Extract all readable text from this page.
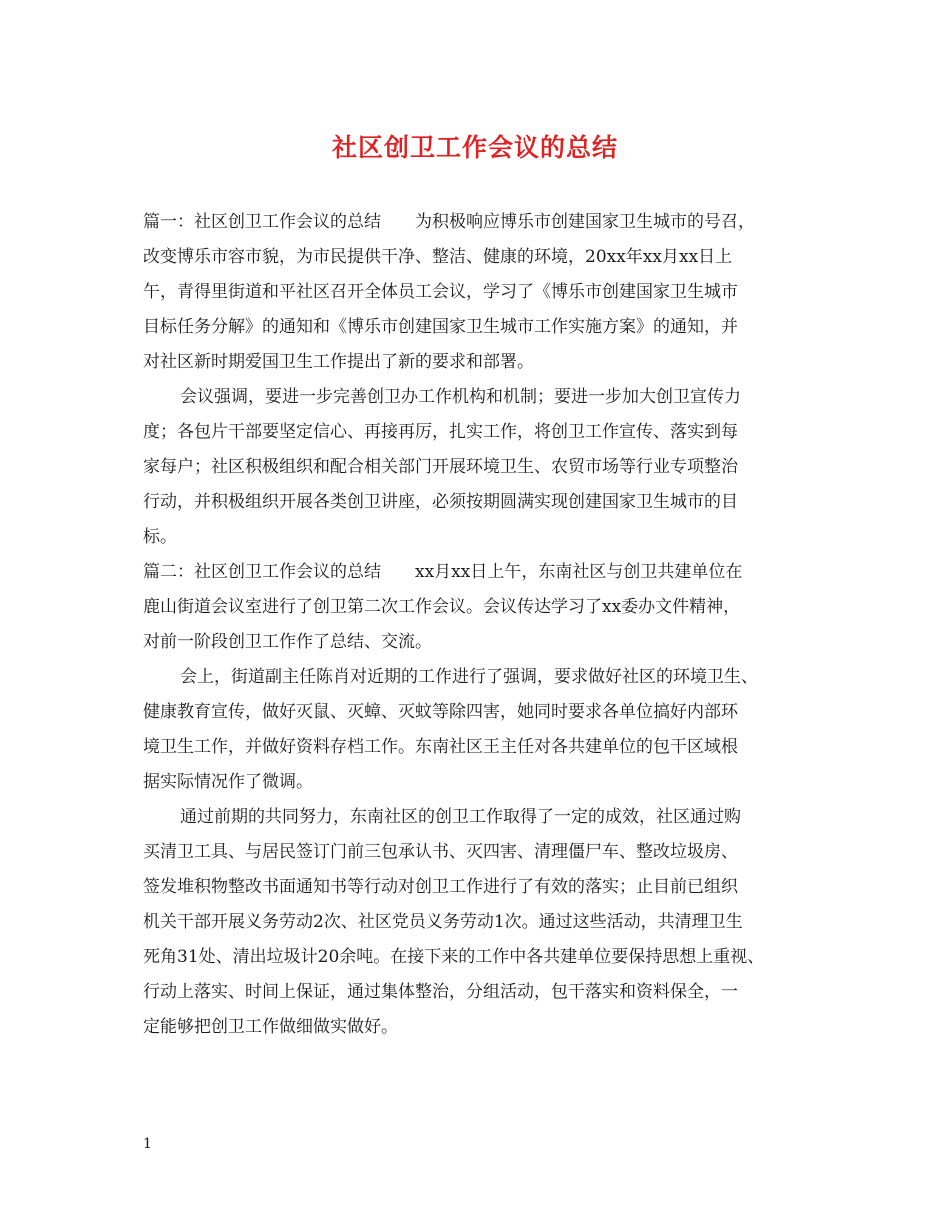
社区创卫工作会议的总结
篇一：社区创卫工作会议的总结　　为积极响应博乐市创建国家卫生城市的号召，
改变博乐市容市貌，为市民提供干净、整洁、健康的环境，20xx年xx月xx日上
午，青得里街道和平社区召开全体员工会议，学习了《博乐市创建国家卫生城市
目标任务分解》的通知和《博乐市创建国家卫生城市工作实施方案》的通知，并
对社区新时期爱国卫生工作提出了新的要求和部署。
会议强调，要进一步完善创卫办工作机构和机制；要进一步加大创卫宣传力
度；各包片干部要坚定信心、再接再厉，扎实工作，将创卫工作宣传、落实到每
家每户；社区积极组织和配合相关部门开展环境卫生、农贸市场等行业专项整治
行动，并积极组织开展各类创卫讲座，必须按期圆满实现创建国家卫生城市的目
标。
篇二：社区创卫工作会议的总结　　xx月xx日上午，东南社区与创卫共建单位在
鹿山街道会议室进行了创卫第二次工作会议。会议传达学习了xx委办文件精神，
对前一阶段创卫工作作了总结、交流。
会上，街道副主任陈肖对近期的工作进行了强调，要求做好社区的环境卫生、
健康教育宣传，做好灭鼠、灭蟑、灭蚊等除四害，她同时要求各单位搞好内部环
境卫生工作，并做好资料存档工作。东南社区王主任对各共建单位的包干区域根
据实际情况作了微调。
通过前期的共同努力，东南社区的创卫工作取得了一定的成效，社区通过购
买清卫工具、与居民签订门前三包承认书、灭四害、清理僵尸车、整改垃圾房、
签发堆积物整改书面通知书等行动对创卫工作进行了有效的落实；止目前已组织
机关干部开展义务劳动2次、社区党员义务劳动1次。通过这些活动，共清理卫生
死角31处、清出垃圾计20余吨。在接下来的工作中各共建单位要保持思想上重视、
行动上落实、时间上保证，通过集体整治，分组活动，包干落实和资料保全，一
定能够把创卫工作做细做实做好。
1
